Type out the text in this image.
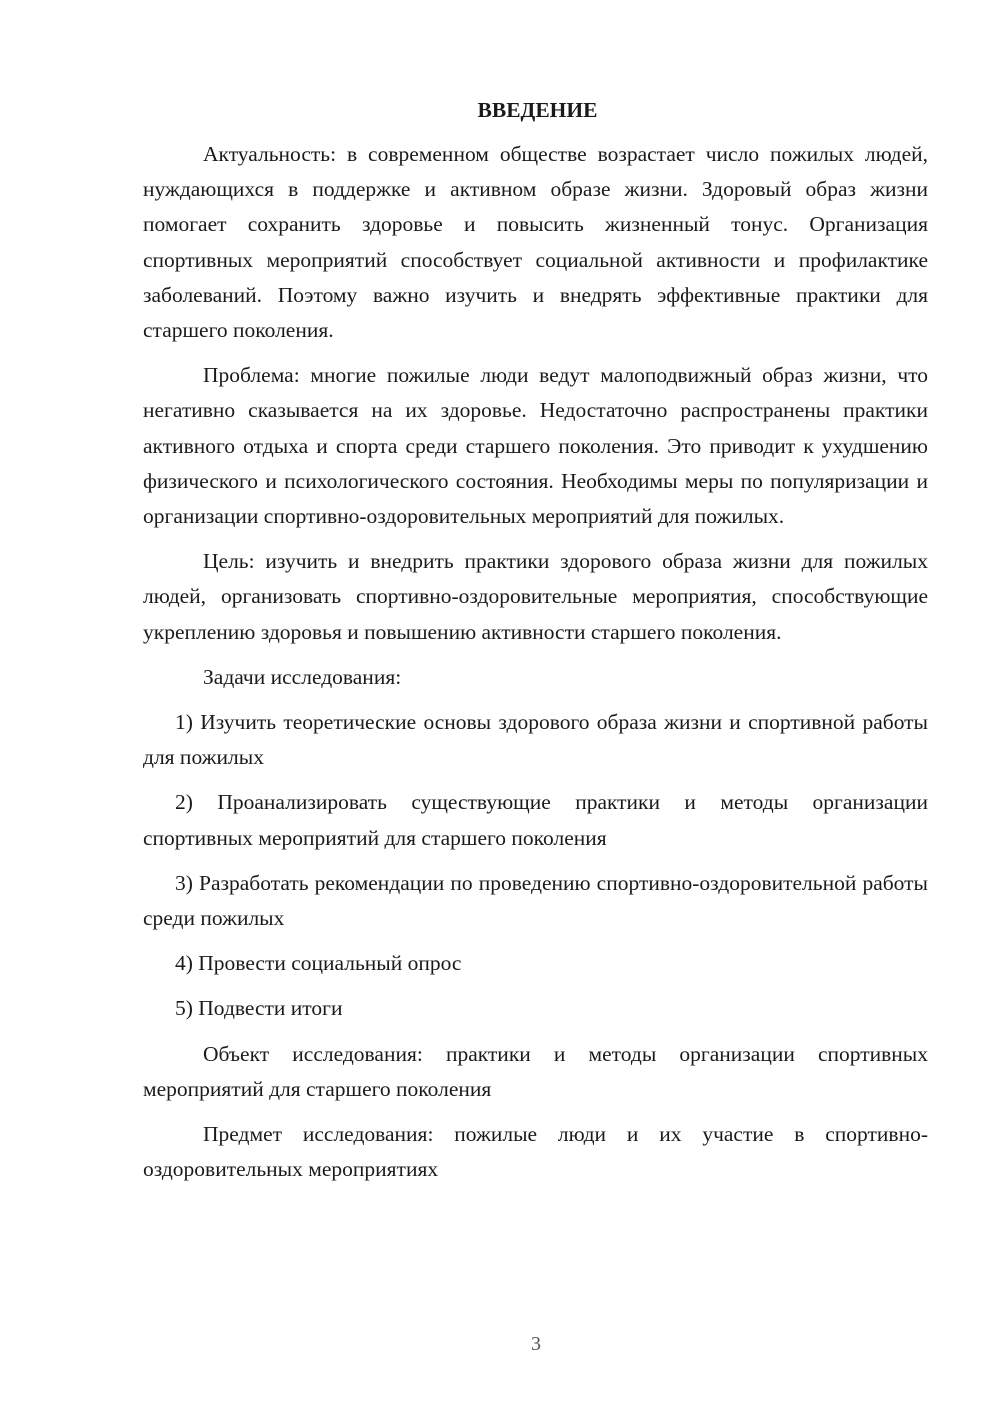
ВВЕДЕНИЕ

Актуальность: в современном обществе возрастает число пожилых людей, нуждающихся в поддержке и активном образе жизни. Здоровый образ жизни помогает сохранить здоровье и повысить жизненный тонус. Организация спортивных мероприятий способствует социальной активности и профилактике заболеваний. Поэтому важно изучить и внедрять эффективные практики для старшего поколения.

Проблема: многие пожилые люди ведут малоподвижный образ жизни, что негативно сказывается на их здоровье. Недостаточно распространены практики активного отдыха и спорта среди старшего поколения. Это приводит к ухудшению физического и психологического состояния. Необходимы меры по популяризации и организации спортивно-оздоровительных мероприятий для пожилых.

Цель: изучить и внедрить практики здорового образа жизни для пожилых людей, организовать спортивно-оздоровительные мероприятия, способствующие укреплению здоровья и повышению активности старшего поколения.

Задачи исследования:

1) Изучить теоретические основы здорового образа жизни и спортивной работы для пожилых

2) Проанализировать существующие практики и методы организации спортивных мероприятий для старшего поколения

3) Разработать рекомендации по проведению спортивно-оздоровительной работы среди пожилых

4) Провести социальный опрос

5) Подвести итоги

Объект исследования: практики и методы организации спортивных мероприятий для старшего поколения

Предмет исследования: пожилые люди и их участие в спортивно-оздоровительных мероприятиях

3
